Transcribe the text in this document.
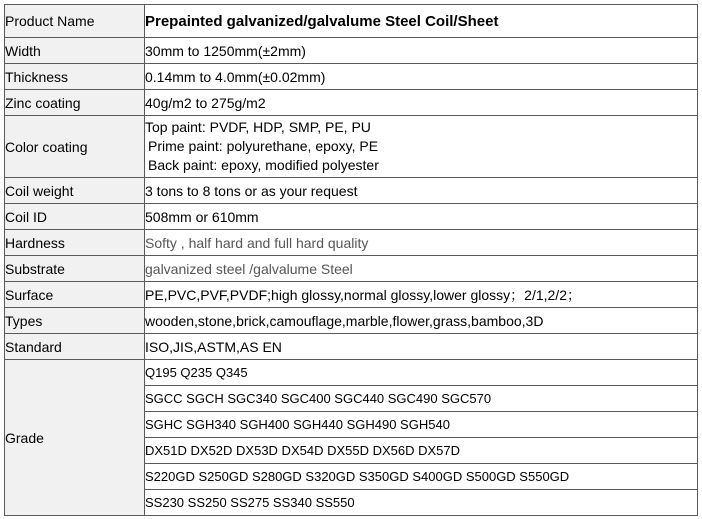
Product Name	Prepainted galvanized/galvalume Steel Coil/Sheet
Width	30mm to 1250mm(±2mm)
Thickness	0.14mm to 4.0mm(±0.02mm)
Zinc coating	40g/m2 to 275g/m2
Color coating	Top paint: PVDF, HDP, SMP, PE, PU
Prime paint: polyurethane, epoxy, PE
Back paint: epoxy, modified polyester

Coil weight	3 tons to 8 tons or as your request
Coil ID	508mm or 610mm
Hardness	Softy , half hard and full hard quality
Substrate	galvanized steel /galvalume Steel
Surface	PE,PVC,PVF,PVDF;high glossy,normal glossy,lower glossy；2/1,2/2；
Types	wooden,stone,brick,camouflage,marble,flower,grass,bamboo,3D
Standard	ISO,JIS,ASTM,AS EN
Grade	Q195 Q235 Q345
	SGCC SGCH SGC340 SGC400 SGC440 SGC490 SGC570
	SGHC SGH340 SGH400 SGH440 SGH490 SGH540
	DX51D DX52D DX53D DX54D DX55D DX56D DX57D
	S220GD S250GD S280GD S320GD S350GD S400GD S500GD S550GD
	SS230 SS250 SS275 SS340 SS550
